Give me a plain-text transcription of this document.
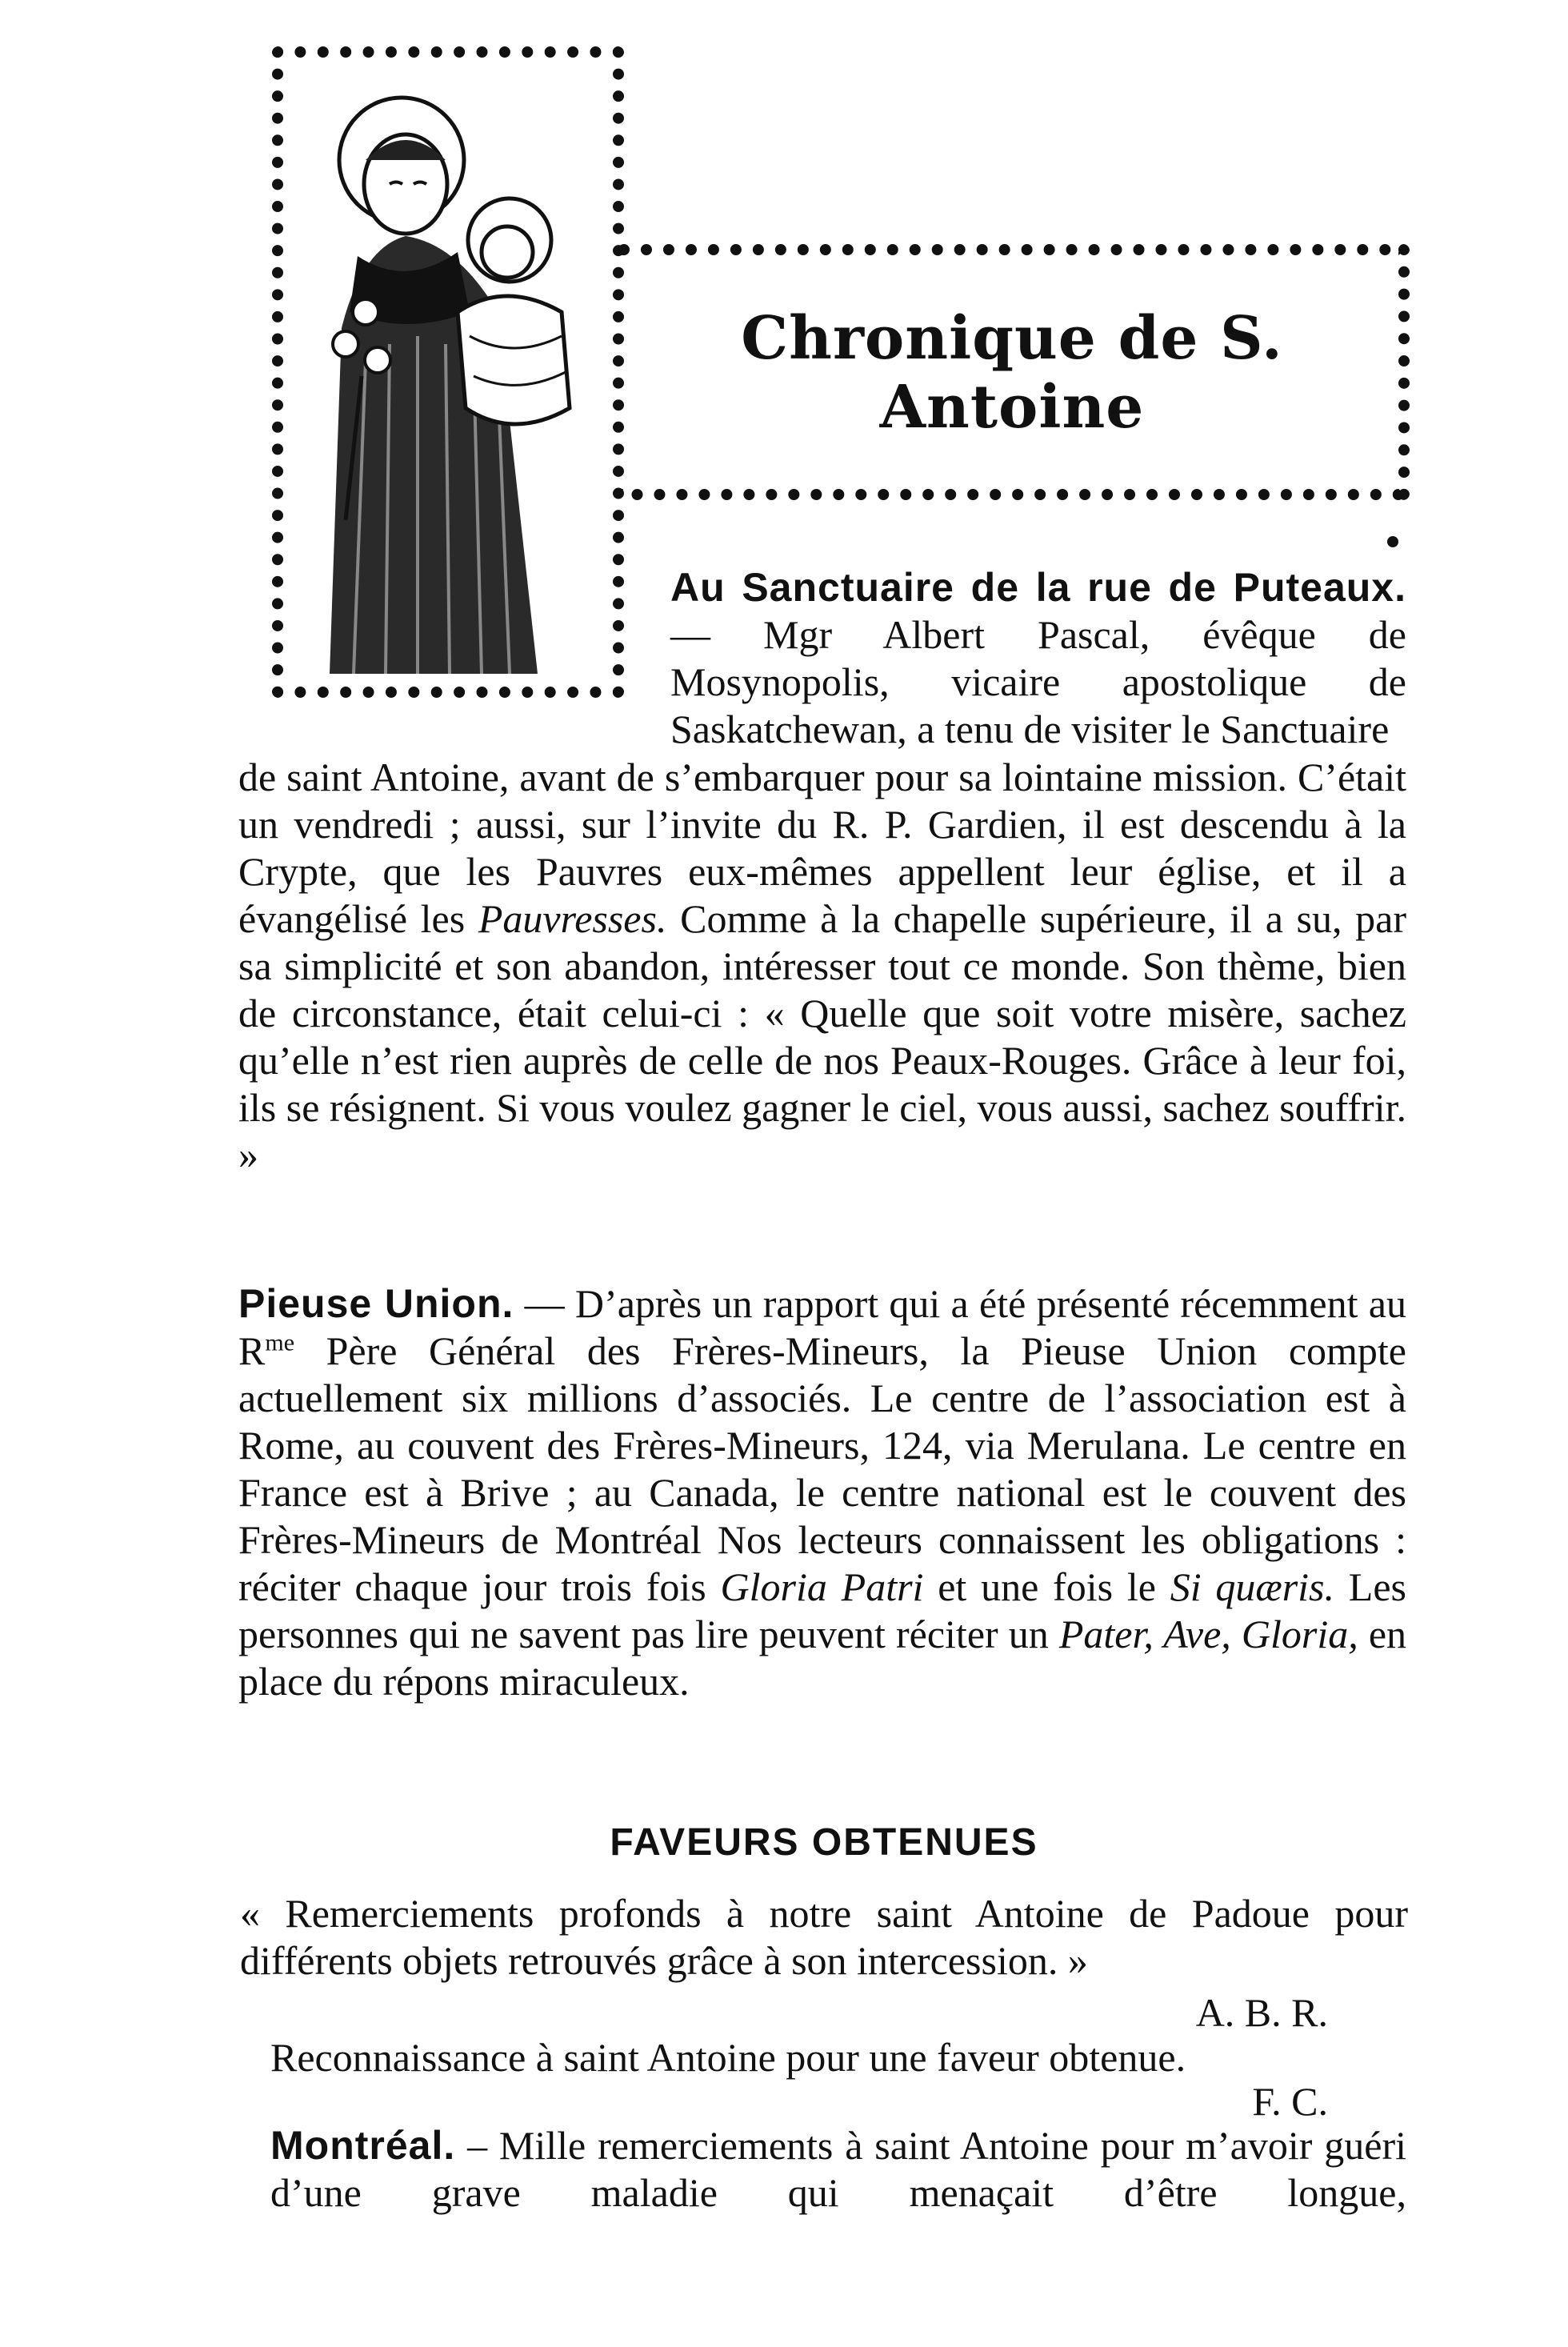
Chronique de S. Antoine
Au Sanctuaire de la rue de Puteaux. — Mgr Albert Pascal, évêque de Mosynopolis, vicaire apostolique de Saskatchewan, a tenu de visiter le Sanctuaire
de saint Antoine, avant de s’embarquer pour sa lointaine mission. C’était un vendredi ; aussi, sur l’invite du R. P. Gardien, il est descendu à la Crypte, que les Pauvres eux-mêmes appellent leur église, et il a évangélisé les Pauvresses. Comme à la chapelle supérieure, il a su, par sa simplicité et son abandon, intéresser tout ce monde. Son thème, bien de circonstance, était celui-ci : « Quelle que soit votre misère, sachez qu’elle n’est rien auprès de celle de nos Peaux-Rouges. Grâce à leur foi, ils se résignent. Si vous voulez gagner le ciel, vous aussi, sachez souffrir. »
Pieuse Union. — D’après un rapport qui a été présenté récemment au $R^{me}$ Père Général des Frères-Mineurs, la Pieuse Union compte actuellement six millions d’associés. Le centre de l’association est à Rome, au couvent des Frères-Mineurs, 124, via Merulana. Le centre en France est à Brive ; au Canada, le centre national est le couvent des Frères-Mineurs de Montréal Nos lecteurs connaissent les obligations : réciter chaque jour trois fois Gloria Patri et une fois le Si quæris. Les personnes qui ne savent pas lire peuvent réciter un Pater, Ave, Gloria, en place du répons miraculeux.
FAVEURS OBTENUES
« Remerciements profonds à notre saint Antoine de Padoue pour différents objets retrouvés grâce à son intercession. »
A. B. R.
Reconnaissance à saint Antoine pour une faveur obtenue.
F. C.
Montréal. – Mille remerciements à saint Antoine pour m’avoir guéri d’une grave maladie qui menaçait d’être longue,
